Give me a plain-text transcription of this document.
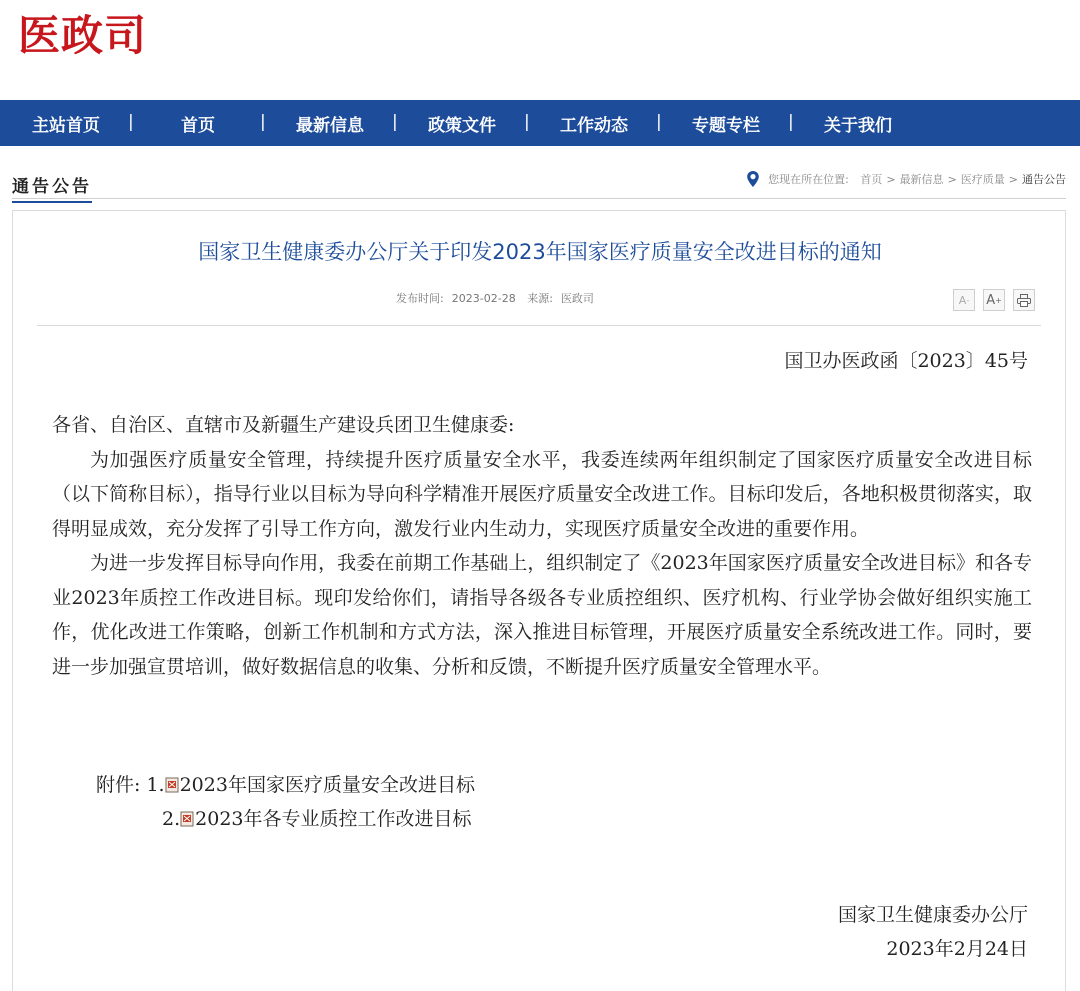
医政司
主站首页	|	首页	|	最新信息	|	政策文件	|	工作动态	|	专题专栏	|	关于我们
通告公告	您现在所在位置:
首页 > 最新信息 > 医疗质量 > 通告公告
国家卫生健康委办公厅关于印发2023年国家医疗质量安全改进目标的通知
发布时间: 2023-02-28 来源: 医政司	A - A +
国卫办医政函〔2023〕45号

各省、自治区、直辖市及新疆生产建设兵团卫生健康委:

为加强医疗质量安全管理，持续提升医疗质量安全水平，我委连续两年组织制定了国家医疗质量安全改进目标（以下简称目标），指导行业以目标为导向科学精准开展医疗质量安全改进工作。目标印发后，各地积极贯彻落实，取得明显成效，充分发挥了引导工作方向，激发行业内生动力，实现医疗质量安全改进的重要作用。

为进一步发挥目标导向作用，我委在前期工作基础上，组织制定了《2023年国家医疗质量安全改进目标》和各专业2023年质控工作改进目标。现印发给你们，请指导各级各专业质控组织、医疗机构、行业学协会做好组织实施工作，优化改进工作策略，创新工作机制和方式方法，深入推进目标管理，开展医疗质量安全系统改进工作。同时，要进一步加强宣贯培训，做好数据信息的收集、分析和反馈，不断提升医疗质量安全管理水平。

附件:
1. 2023年国家医疗质量安全改进目标
2. 2023年各专业质控工作改进目标
国家卫生健康委办公厅
2023年2月24日
